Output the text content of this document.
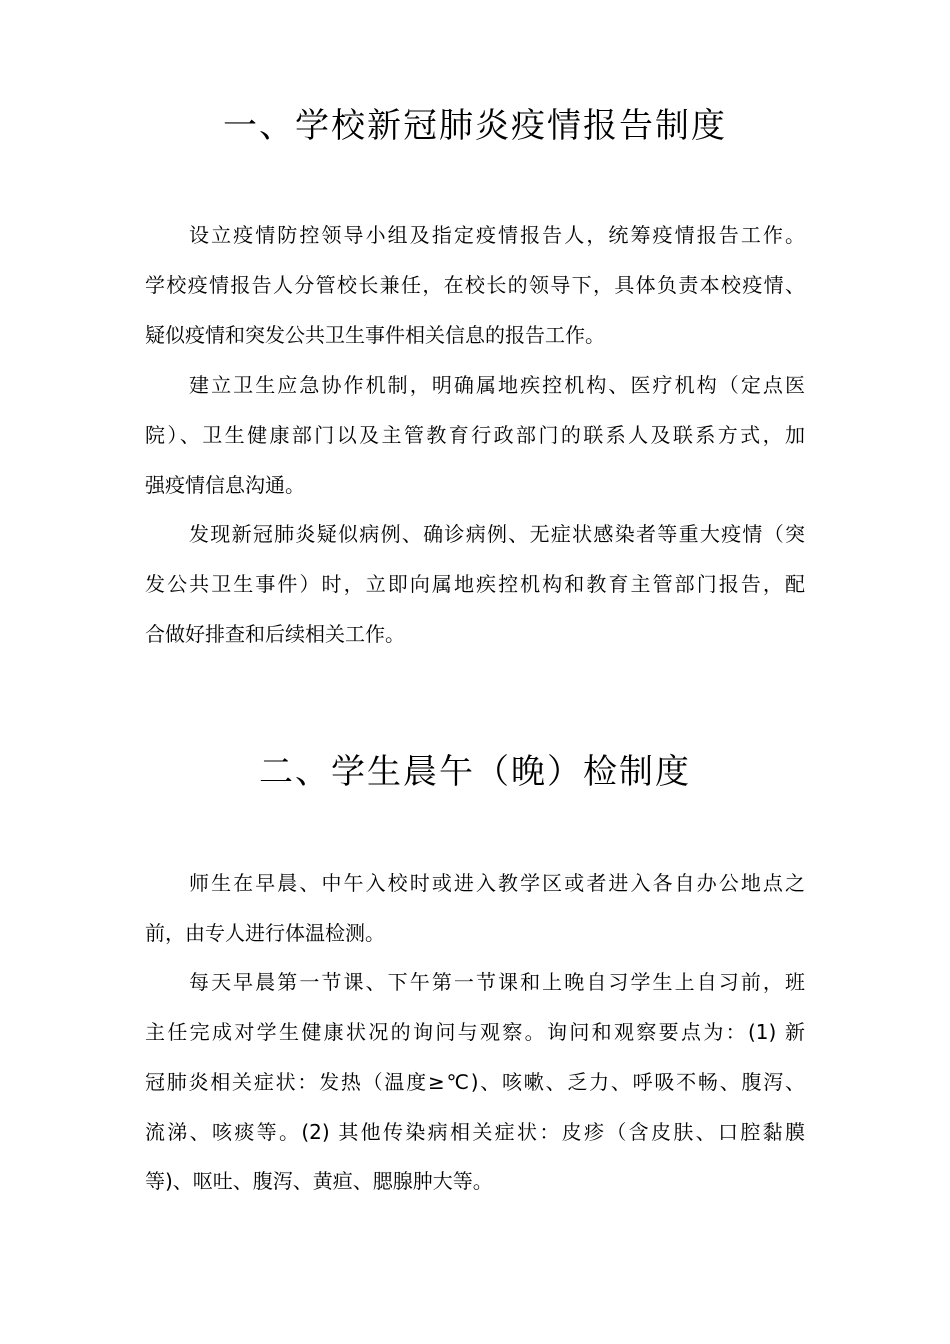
一、学校新冠肺炎疫情报告制度
设立疫情防控领导小组及指定疫情报告人，统筹疫情报告工作。
学校疫情报告人分管校长兼任，在校长的领导下，具体负责本校疫情、
疑似疫情和突发公共卫生事件相关信息的报告工作。
建立卫生应急协作机制，明确属地疾控机构、医疗机构（定点医
院）、卫生健康部门以及主管教育行政部门的联系人及联系方式，加
强疫情信息沟通。
发现新冠肺炎疑似病例、确诊病例、无症状感染者等重大疫情（突
发公共卫生事件）时，立即向属地疾控机构和教育主管部门报告，配
合做好排查和后续相关工作。
二、学生晨午（晚）检制度
师生在早晨、中午入校时或进入教学区或者进入各自办公地点之
前，由专人进行体温检测。
每天早晨第一节课、下午第一节课和上晚自习学生上自习前，班
主任完成对学生健康状况的询问与观察。询问和观察要点为：(1) 新
冠肺炎相关症状：发热（温度≥℃)、咳嗽、乏力、呼吸不畅、腹泻、
流涕、咳痰等。(2) 其他传染病相关症状：皮疹（含皮肤、口腔黏膜
等)、呕吐、腹泻、黄疸、腮腺肿大等。
